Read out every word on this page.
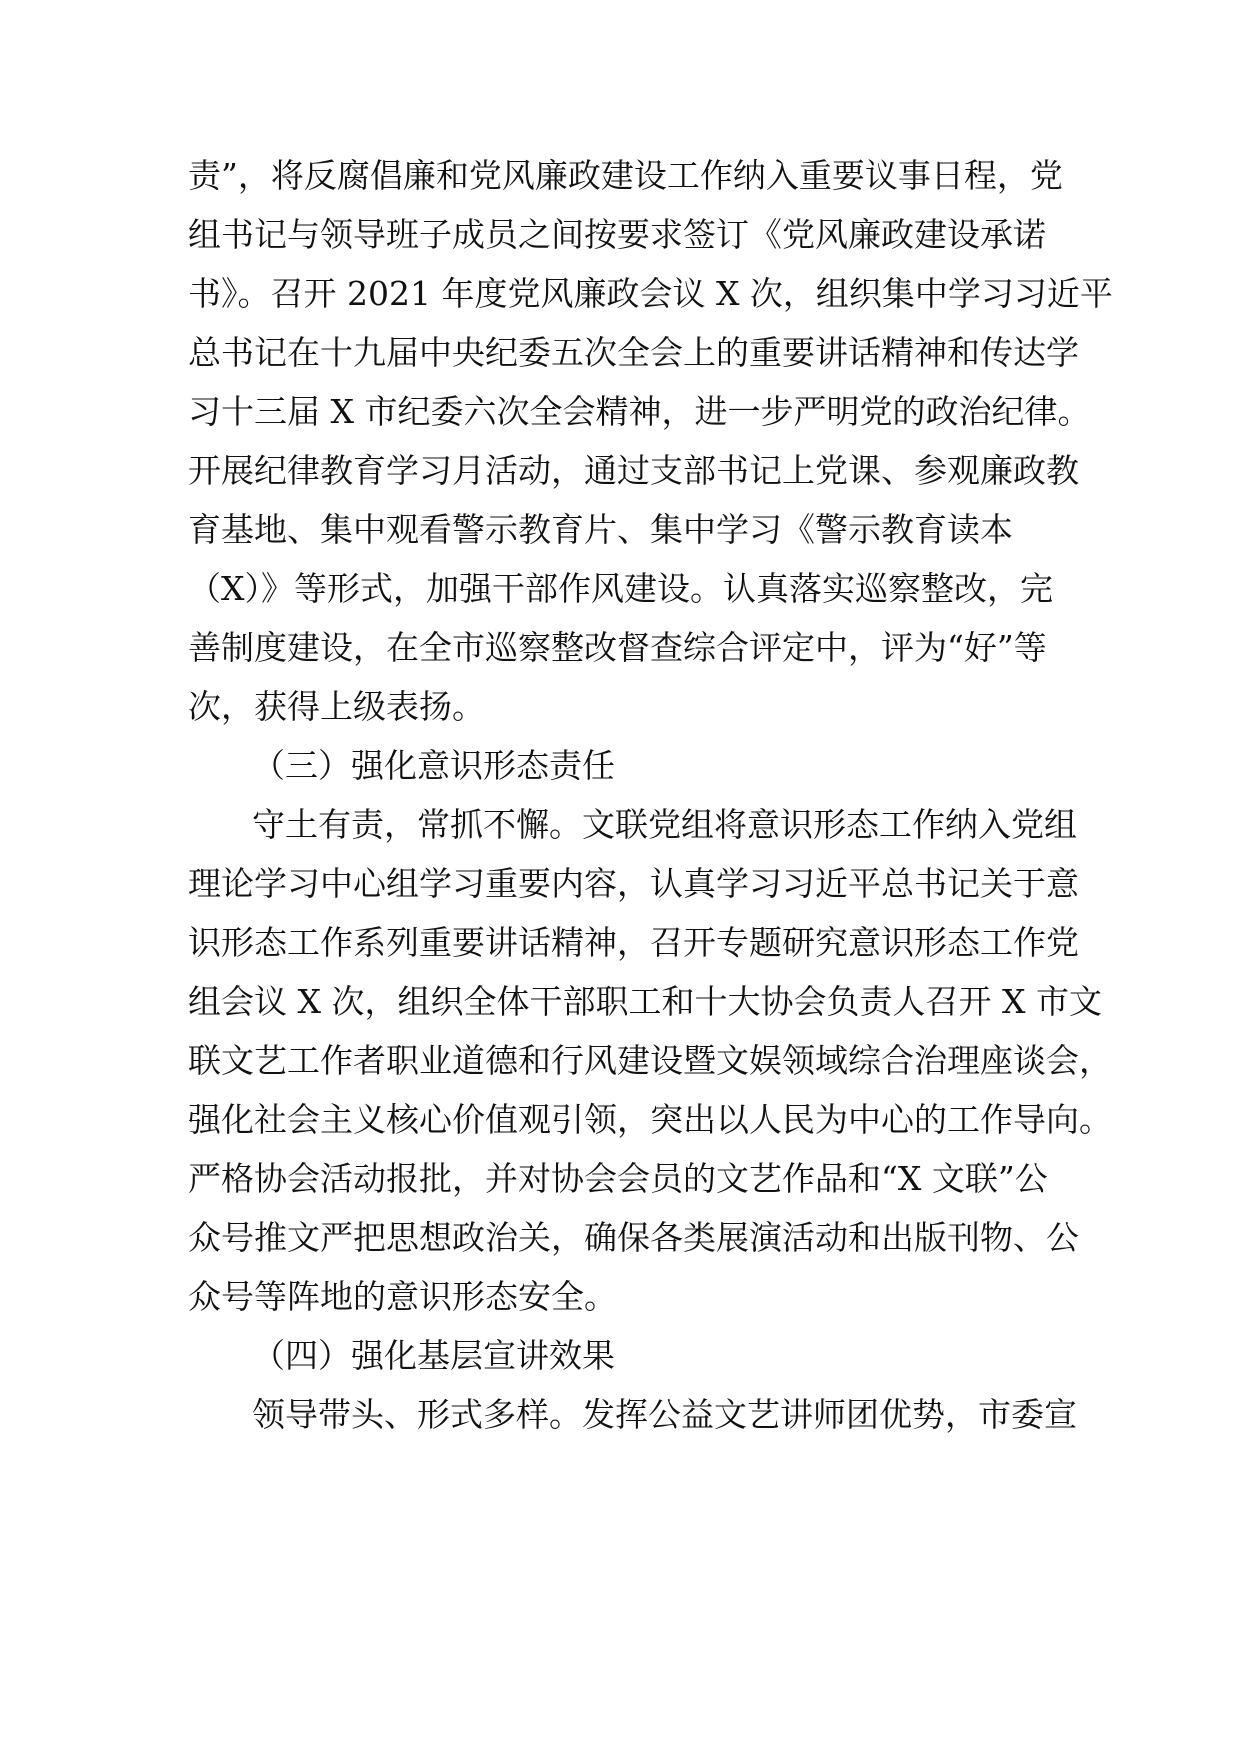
责”，将反腐倡廉和党风廉政建设工作纳入重要议事日程，党
组书记与领导班子成员之间按要求签订《党风廉政建设承诺
书》。召开 2021 年度党风廉政会议 X 次，组织集中学习习近平
总书记在十九届中央纪委五次全会上的重要讲话精神和传达学
习十三届 X 市纪委六次全会精神，进一步严明党的政治纪律。
开展纪律教育学习月活动，通过支部书记上党课、参观廉政教
育基地、集中观看警示教育片、集中学习《警示教育读本
（X）》等形式，加强干部作风建设。认真落实巡察整改，完
善制度建设，在全市巡察整改督查综合评定中，评为“好”等
次，获得上级表扬。
（三）强化意识形态责任
守土有责，常抓不懈。文联党组将意识形态工作纳入党组
理论学习中心组学习重要内容，认真学习习近平总书记关于意
识形态工作系列重要讲话精神，召开专题研究意识形态工作党
组会议 X 次，组织全体干部职工和十大协会负责人召开 X 市文
联文艺工作者职业道德和行风建设暨文娱领域综合治理座谈会，
强化社会主义核心价值观引领，突出以人民为中心的工作导向。
严格协会活动报批，并对协会会员的文艺作品和“X 文联”公
众号推文严把思想政治关，确保各类展演活动和出版刊物、公
众号等阵地的意识形态安全。
（四）强化基层宣讲效果
领导带头、形式多样。发挥公益文艺讲师团优势，市委宣
